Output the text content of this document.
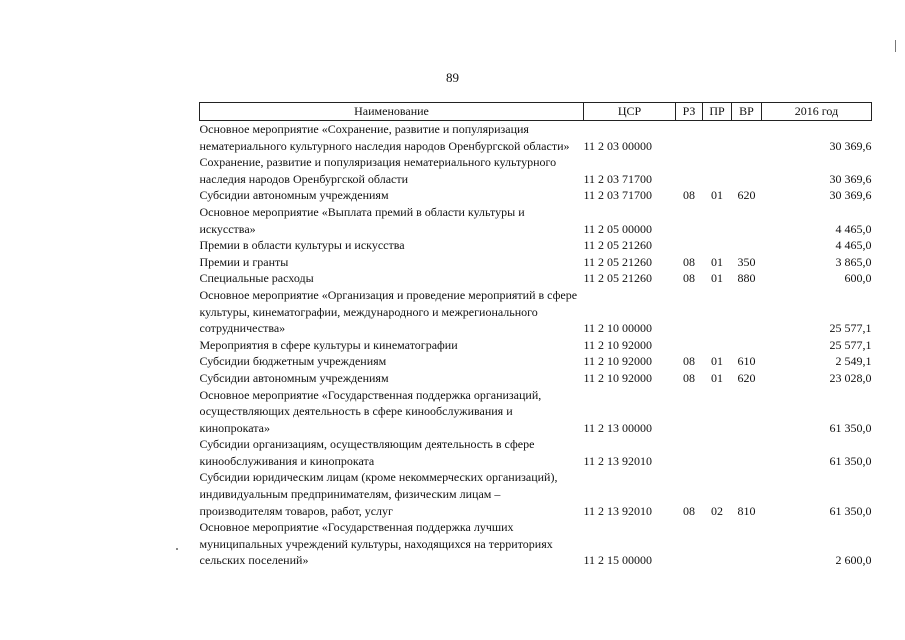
89
Наименование	ЦСР	РЗ	ПР	ВР	2016 год
Основное мероприятие «Сохранение, развитие и популяризация нематериального культурного наследия народов Оренбургской области»	11 2 03 00000				30 369,6
Сохранение, развитие и популяризация нематериального культурного наследия народов Оренбургской области	11 2 03 71700				30 369,6
Субсидии автономным учреждениям	11 2 03 71700	08	01	620	30 369,6
Основное мероприятие «Выплата премий в области культуры и искусства»	11 2 05 00000				4 465,0
Премии в области культуры и искусства	11 2 05 21260				4 465,0
Премии и гранты	11 2 05 21260	08	01	350	3 865,0
Специальные расходы	11 2 05 21260	08	01	880	600,0
Основное мероприятие «Организация и проведение мероприятий в сфере культуры, кинематографии, международного и межрегионального сотрудничества»	11 2 10 00000				25 577,1
Мероприятия в сфере культуры и кинематографии	11 2 10 92000				25 577,1
Субсидии бюджетным учреждениям	11 2 10 92000	08	01	610	2 549,1
Субсидии автономным учреждениям	11 2 10 92000	08	01	620	23 028,0
Основное мероприятие «Государственная поддержка организаций, осуществляющих деятельность в сфере кинообслуживания и кинопроката»	11 2 13 00000				61 350,0
Субсидии организациям, осуществляющим деятельность в сфере кинообслуживания и кинопроката	11 2 13 92010				61 350,0
Субсидии юридическим лицам (кроме некоммерческих организаций), индивидуальным предпринимателям, физическим лицам – производителям товаров, работ, услуг	11 2 13 92010	08	02	810	61 350,0
Основное мероприятие «Государственная поддержка лучших муниципальных учреждений культуры, находящихся на территориях сельских поселений»	11 2 15 00000				2 600,0
